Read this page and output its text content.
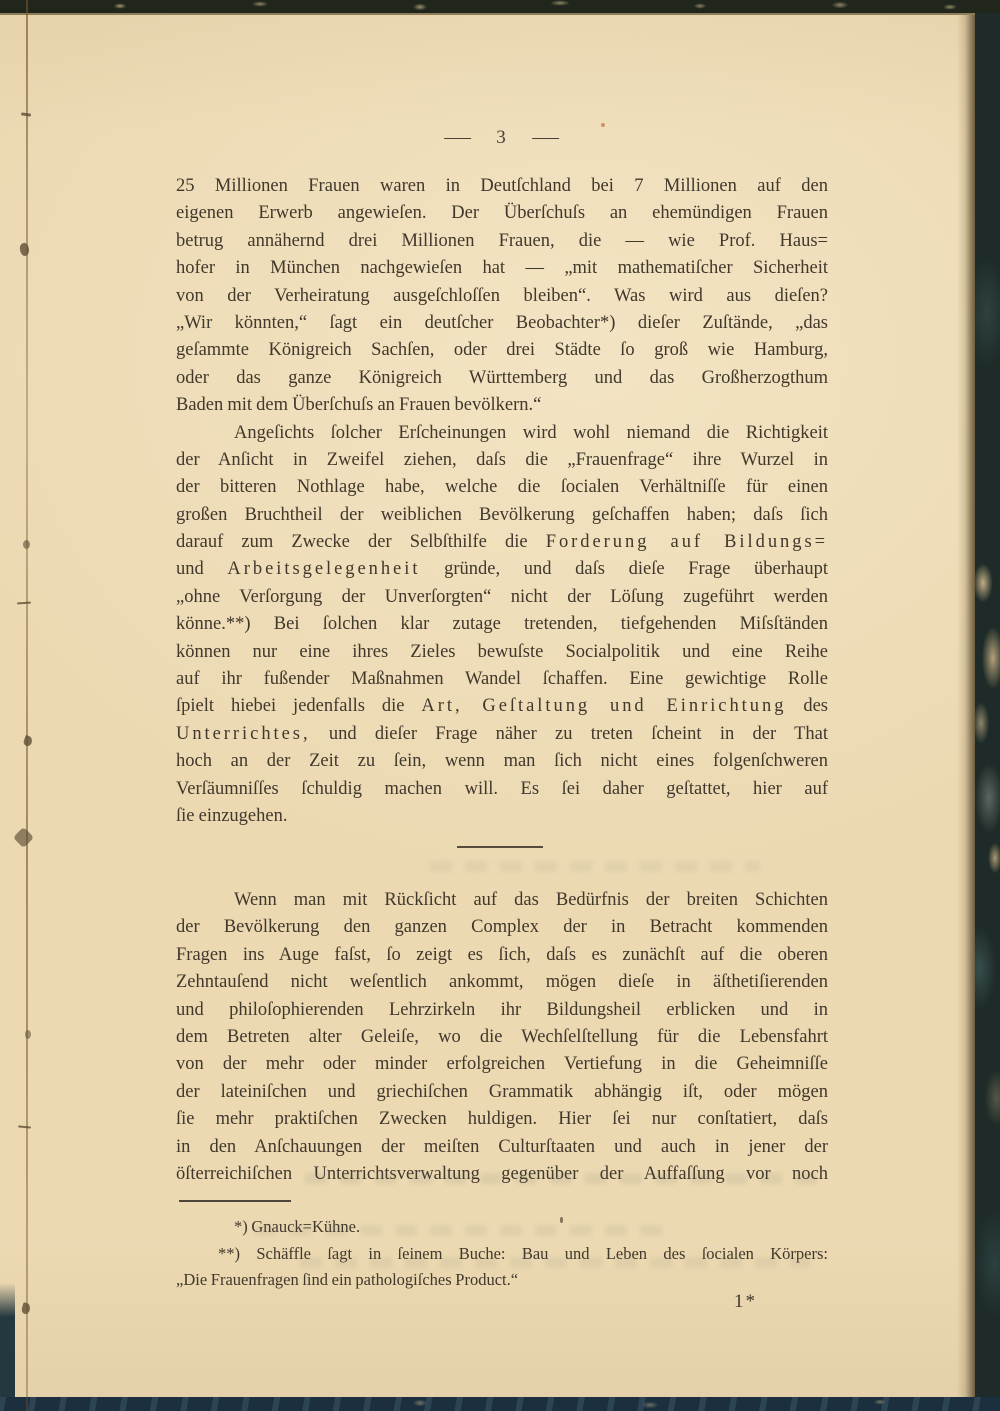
— 3 —
25 Millionen Frauen waren in Deutſchland bei 7 Millionen auf den
eigenen Erwerb angewieſen. Der Überſchuſs an ehemündigen Frauen
betrug annähernd drei Millionen Frauen, die — wie Prof. Haus=
hofer in München nachgewieſen hat — „mit mathematiſcher Sicherheit
von der Verheiratung ausgeſchloſſen bleiben“. Was wird aus dieſen?
„Wir könnten,“ ſagt ein deutſcher Beobachter*) dieſer Zuſtände, „das
geſammte Königreich Sachſen, oder drei Städte ſo groß wie Hamburg,
oder das ganze Königreich Württemberg und das Großherzogthum
Baden mit dem Überſchuſs an Frauen bevölkern.“
Angeſichts ſolcher Erſcheinungen wird wohl niemand die Richtigkeit
der Anſicht in Zweifel ziehen, daſs die „Frauenfrage“ ihre Wurzel in
der bitteren Nothlage habe, welche die ſocialen Verhältniſſe für einen
großen Bruchtheil der weiblichen Bevölkerung geſchaffen haben; daſs ſich
darauf zum Zwecke der Selbſthilfe die Forderung auf Bildungs=
und Arbeitsgelegenheit gründe, und daſs dieſe Frage überhaupt
„ohne Verſorgung der Unverſorgten“ nicht der Löſung zugeführt werden
könne.**) Bei ſolchen klar zutage tretenden, tiefgehenden Miſsſtänden
können nur eine ihres Zieles bewuſste Socialpolitik und eine Reihe
auf ihr fußender Maßnahmen Wandel ſchaffen. Eine gewichtige Rolle
ſpielt hiebei jedenfalls die Art, Geſtaltung und Einrichtung des
Unterrichtes, und dieſer Frage näher zu treten ſcheint in der That
hoch an der Zeit zu ſein, wenn man ſich nicht eines folgenſchweren
Verſäumniſſes ſchuldig machen will. Es ſei daher geſtattet, hier auf
ſie einzugehen.
Wenn man mit Rückſicht auf das Bedürfnis der breiten Schichten
der Bevölkerung den ganzen Complex der in Betracht kommenden
Fragen ins Auge faſst, ſo zeigt es ſich, daſs es zunächſt auf die oberen
Zehntauſend nicht weſentlich ankommt, mögen dieſe in äſthetiſierenden
und philoſophierenden Lehrzirkeln ihr Bildungsheil erblicken und in
dem Betreten alter Geleiſe, wo die Wechſelſtellung für die Lebensfahrt
von der mehr oder minder erfolgreichen Vertiefung in die Geheimniſſe
der lateiniſchen und griechiſchen Grammatik abhängig iſt, oder mögen
ſie mehr praktiſchen Zwecken huldigen. Hier ſei nur conſtatiert, daſs
in den Anſchauungen der meiſten Culturſtaaten und auch in jener der
öſterreichiſchen Unterrichtsverwaltung gegenüber der Auffaſſung vor noch
*) Gnauck=Kühne.
**) Schäffle ſagt in ſeinem Buche: Bau und Leben des ſocialen Körpers:
„Die Frauenfragen ſind ein pathologiſches Product.“
1*
